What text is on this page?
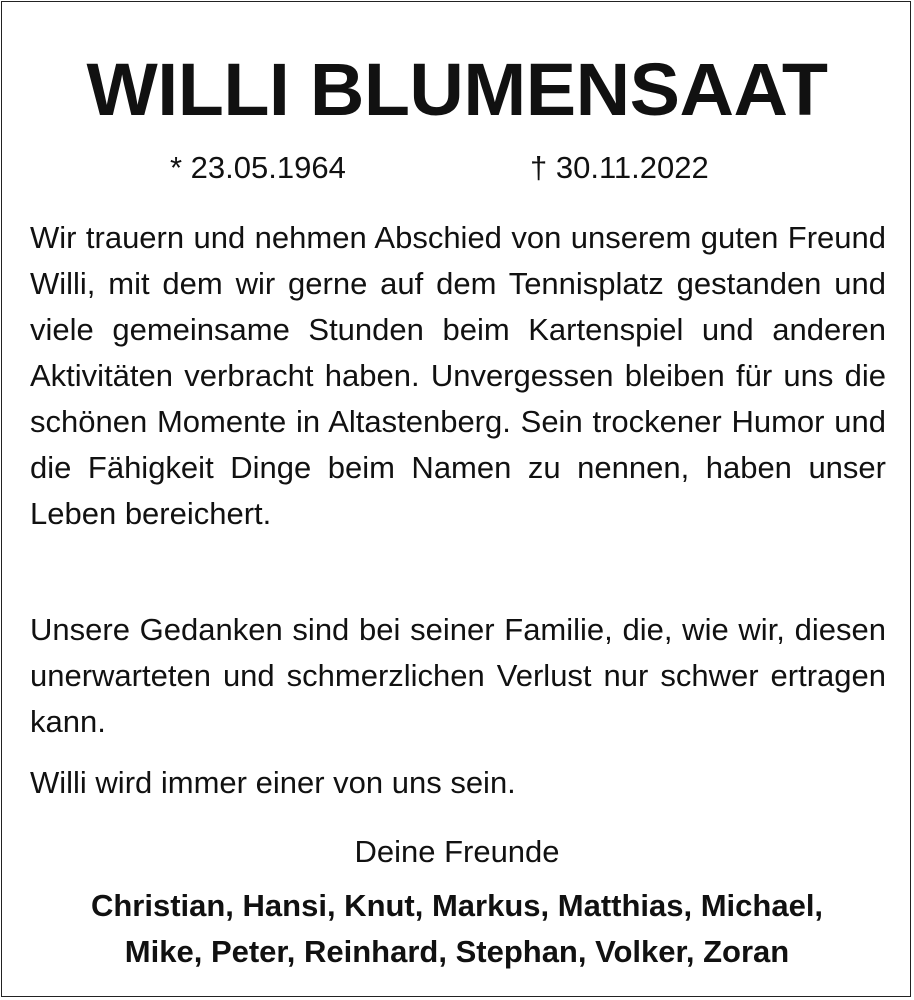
WILLI BLUMENSAAT
* 23.05.1964	† 30.11.2022
Wir trauern und nehmen Abschied von unserem guten Freund Willi, mit dem wir gerne auf dem Tennisplatz gestanden und viele gemeinsame Stunden beim Kartenspiel und anderen Aktivitäten verbracht haben. Unvergessen bleiben für uns die schönen Momente in Altastenberg. Sein trockener Humor und die Fähigkeit Dinge beim Namen zu nennen, haben unser Leben bereichert.
Unsere Gedanken sind bei seiner Familie, die, wie wir, diesen unerwarteten und schmerzlichen Verlust nur schwer ertragen kann.
Willi wird immer einer von uns sein.
Deine Freunde
Christian, Hansi, Knut, Markus, Matthias, Michael,
Mike, Peter, Reinhard, Stephan, Volker, Zoran
